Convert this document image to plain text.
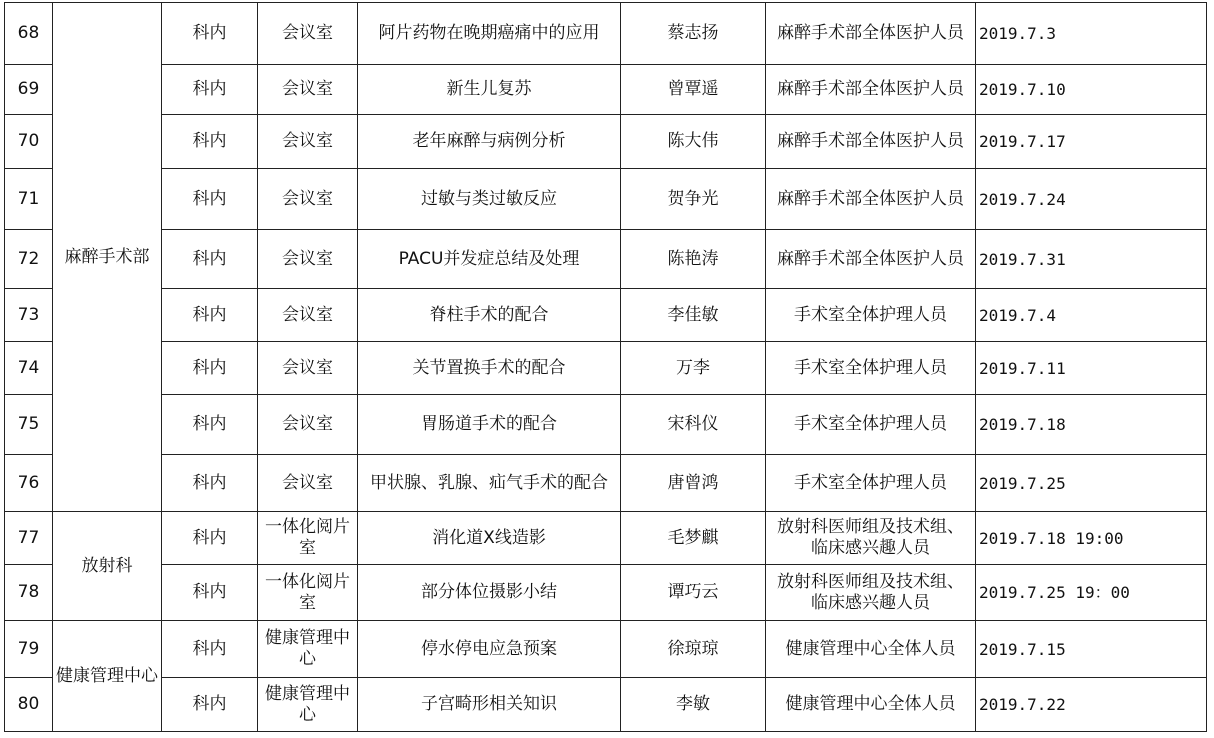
68	麻醉手术部	科内	会议室	阿片药物在晚期癌痛中的应用	蔡志扬	麻醉手术部全体医护人员	2019.7.3
69		科内	会议室	新生儿复苏	曾覃遥	麻醉手术部全体医护人员	2019.7.10
70		科内	会议室	老年麻醉与病例分析	陈大伟	麻醉手术部全体医护人员	2019.7.17
71		科内	会议室	过敏与类过敏反应	贺争光	麻醉手术部全体医护人员	2019.7.24
72		科内	会议室	PACU并发症总结及处理	陈艳涛	麻醉手术部全体医护人员	2019.7.31
73		科内	会议室	脊柱手术的配合	李佳敏	手术室全体护理人员	2019.7.4
74		科内	会议室	关节置换手术的配合	万李	手术室全体护理人员	2019.7.11
75		科内	会议室	胃肠道手术的配合	宋科仪	手术室全体护理人员	2019.7.18
76		科内	会议室	甲状腺、乳腺、疝气手术的配合	唐曾鸿	手术室全体护理人员	2019.7.25
77	放射科	科内	一体化阅片室	消化道X线造影	毛梦麒	放射科医师组及技术组、临床感兴趣人员	2019.7.18 19:00
78		科内	一体化阅片室	部分体位摄影小结	谭巧云	放射科医师组及技术组、临床感兴趣人员	2019.7.25 19：00
79	健康管理中心	科内	健康管理中心	停水停电应急预案	徐琼琼	健康管理中心全体人员	2019.7.15
80		科内	健康管理中心	子宫畸形相关知识	李敏	健康管理中心全体人员	2019.7.22
